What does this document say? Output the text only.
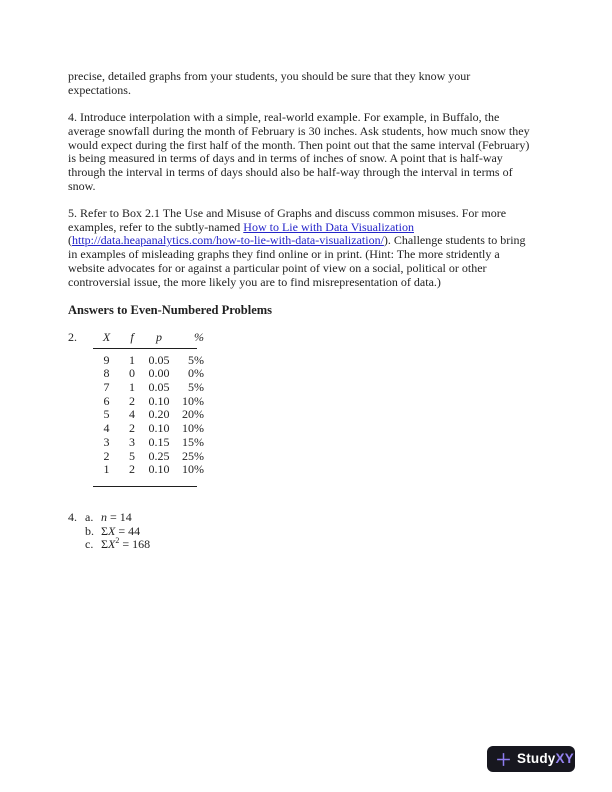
precise, detailed graphs from your students, you should be sure that they know your
expectations.
4. Introduce interpolation with a simple, real-world example. For example, in Buffalo, the
average snowfall during the month of February is 30 inches. Ask students, how much snow they
would expect during the first half of the month. Then point out that the same interval (February)
is being measured in terms of days and in terms of inches of snow. A point that is half-way
through the interval in terms of days should also be half-way through the interval in terms of
snow.
5. Refer to Box 2.1 The Use and Misuse of Graphs and discuss common misuses. For more
examples, refer to the subtly-named How to Lie with Data Visualization
(http://data.heapanalytics.com/how-to-lie-with-data-visualization/). Challenge students to bring
in examples of misleading graphs they find online or in print. (Hint: The more stridently a
website advocates for or against a particular point of view on a social, political or other
controversial issue, the more likely you are to find misrepresentation of data.)
Answers to Even-Numbered Problems
2.	X	f	p	%
9	1	0.05	5%
8	0	0.00	0%
7	1	0.05	5%
6	2	0.10	10%
5	4	0.20	20%
4	2	0.10	10%
3	3	0.15	15%
2	5	0.25	25%
1	2	0.10	10%
4. a. n = 14
b. ΣX = 44
c. $\Sigma X^2 = 168$
Study XY
